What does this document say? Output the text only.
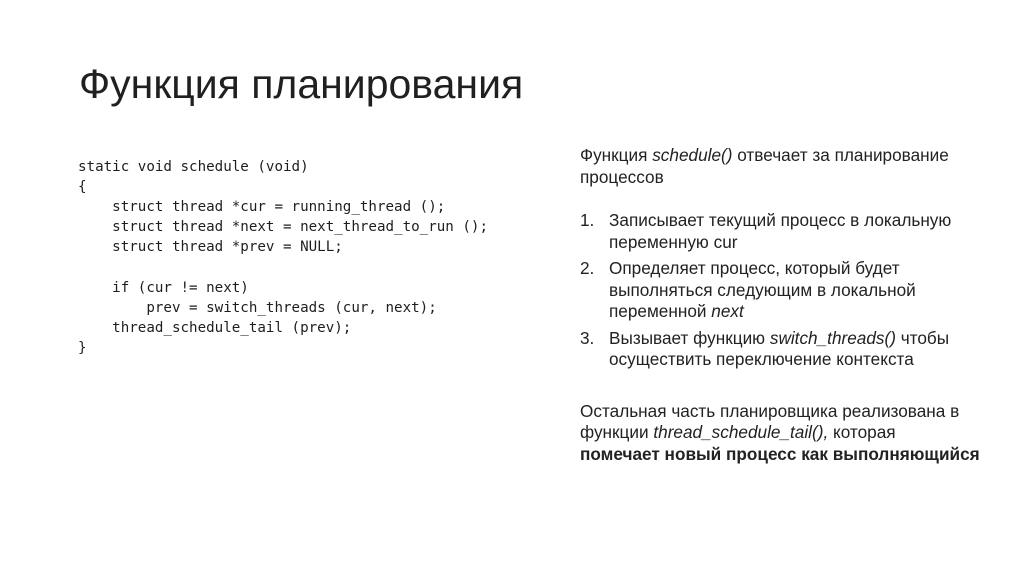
Функция планирования
static void schedule (void)
{
struct thread *cur = running_thread ();
struct thread *next = next_thread_to_run ();
struct thread *prev = NULL;
if (cur != next)
prev = switch_threads (cur, next);
thread_schedule_tail (prev);
}

Функция schedule() отвечает за планирование процессов

1. Записывает текущий процесс в локальную переменную cur
2. Определяет процесс, который будет выполняться следующим в локальной переменной next
3. Вызывает функцию switch_threads() чтобы осуществить переключение контекста

Остальная часть планировщика реализована в функции thread_schedule_tail(), которая помечает новый процесс как выполняющийся
